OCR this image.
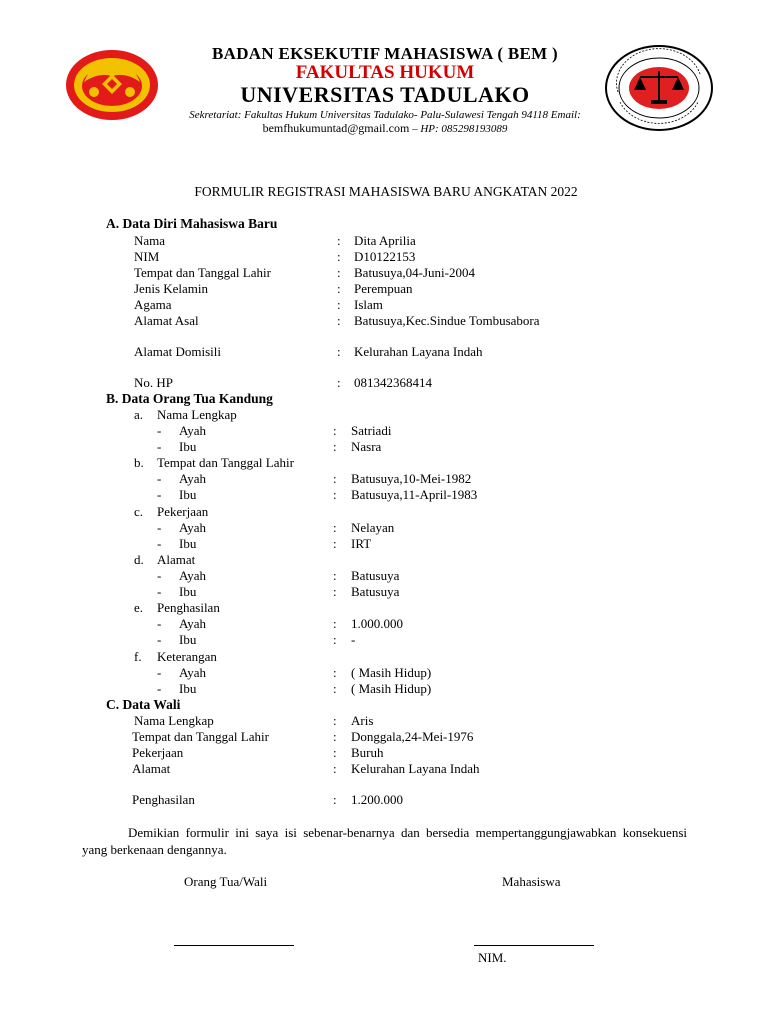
BADAN EKSEKUTIF MAHASISWA ( BEM )
FAKULTAS HUKUM
UNIVERSITAS TADULAKO
Sekretariat: Fakultas Hukum Universitas Tadulako- Palu-Sulawesi Tengah 94118 Email:
bemfhukumuntad@gmail.com – HP: 085298193089
FORMULIR REGISTRASI MAHASISWA BARU ANGKATAN 2022
A. Data Diri Mahasiswa Baru
Nama	: Dita Aprilia
NIM	: D10122153
Tempat dan Tanggal Lahir	: Batusuya,04-Juni-2004
Jenis Kelamin	: Perempuan
Agama	: Islam
Alamat Asal	: Batusuya,Kec.Sindue Tombusabora
Alamat Domisili	: Kelurahan Layana Indah
No. HP	: 081342368414
B. Data Orang Tua Kandung
a. Nama Lengkap
- Ayah	: Satriadi
- Ibu	: Nasra
b. Tempat dan Tanggal Lahir
- Ayah	: Batusuya,10-Mei-1982
- Ibu	: Batusuya,11-April-1983
c. Pekerjaan
- Ayah	: Nelayan
- Ibu	: IRT
d. Alamat
- Ayah	: Batusuya
- Ibu	: Batusuya
e. Penghasilan
- Ayah	: 1.000.000
- Ibu	: -
f. Keterangan
- Ayah	: ( Masih Hidup)
- Ibu	: ( Masih Hidup)
C. Data Wali
Nama Lengkap	: Aris
Tempat dan Tanggal Lahir	: Donggala,24-Mei-1976
Pekerjaan	: Buruh
Alamat	: Kelurahan Layana Indah
Penghasilan	: 1.200.000
Demikian formulir ini saya isi sebenar-benarnya dan bersedia mempertanggungjawabkan konsekuensi yang berkenaan dengannya.
Orang Tua/Wali	Mahasiswa
NIM.
